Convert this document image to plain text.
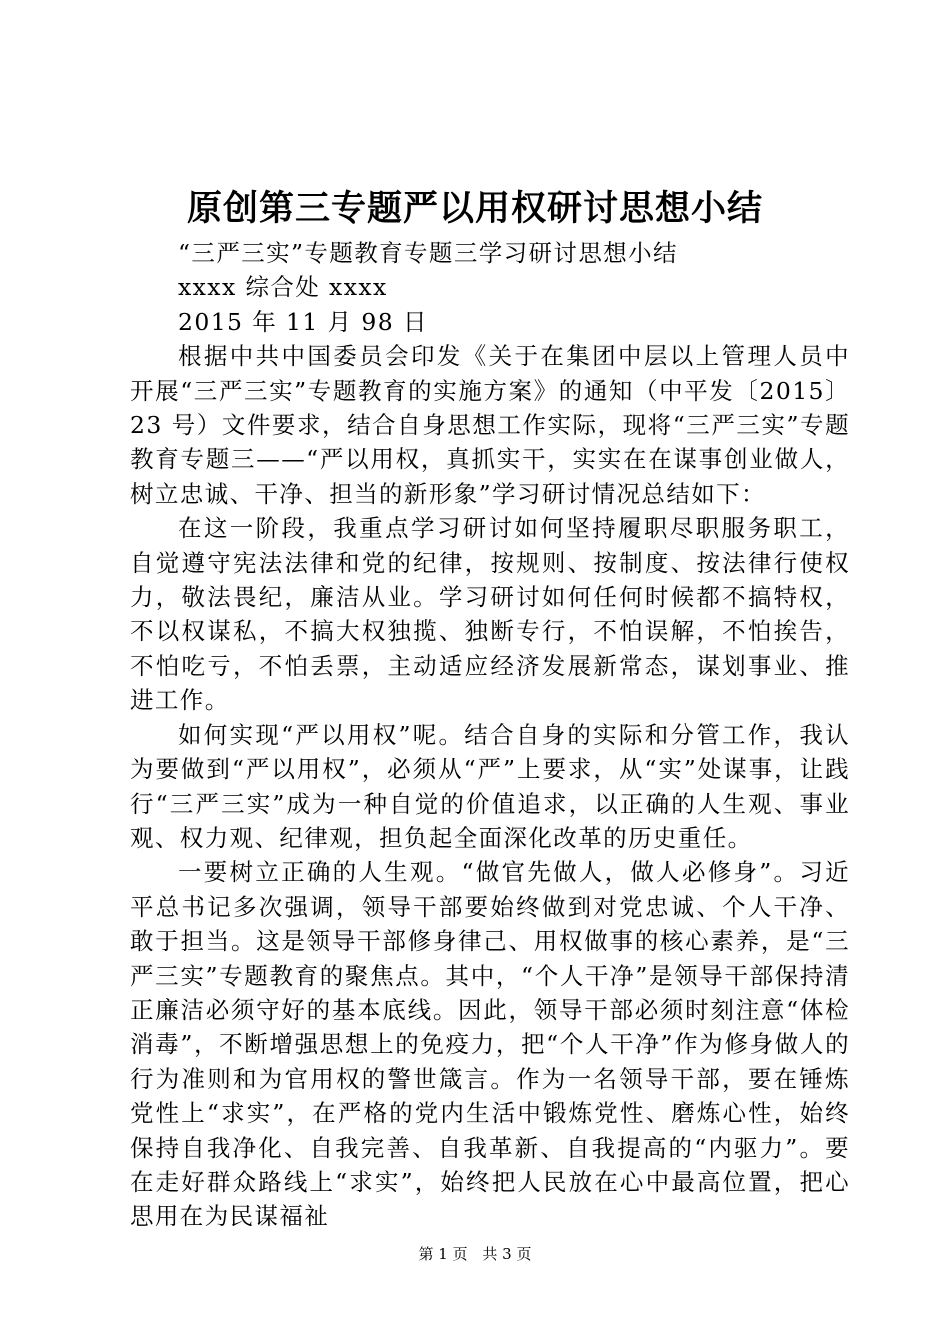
原创第三专题严以用权研讨思想小结

“三严三实”专题教育专题三学习研讨思想小结

xxxx 综合处 xxxx

2015 年 11 月 98 日

根据中共中国委员会印发《关于在集团中层以上管理人员中开展“三严三实”专题教育的实施方案》的通知（中平发〔2015〕23 号）文件要求，结合自身思想工作实际，现将“三严三实”专题教育专题三——“严以用权，真抓实干，实实在在谋事创业做人，树立忠诚、干净、担当的新形象”学习研讨情况总结如下：

在这一阶段，我重点学习研讨如何坚持履职尽职服务职工，自觉遵守宪法法律和党的纪律，按规则、按制度、按法律行使权力，敬法畏纪，廉洁从业。学习研讨如何任何时候都不搞特权，不以权谋私，不搞大权独揽、独断专行，不怕误解，不怕挨告，不怕吃亏，不怕丢票，主动适应经济发展新常态，谋划事业、推进工作。

如何实现“严以用权”呢。结合自身的实际和分管工作，我认为要做到“严以用权”，必须从“严”上要求，从“实”处谋事，让践行“三严三实”成为一种自觉的价值追求，以正确的人生观、事业观、权力观、纪律观，担负起全面深化改革的历史重任。

一要树立正确的人生观。“做官先做人，做人必修身”。习近平总书记多次强调，领导干部要始终做到对党忠诚、个人干净、敢于担当。这是领导干部修身律己、用权做事的核心素养，是“三严三实”专题教育的聚焦点。其中，“个人干净”是领导干部保持清正廉洁必须守好的基本底线。因此，领导干部必须时刻注意“体检消毒”，不断增强思想上的免疫力，把“个人干净”作为修身做人的行为准则和为官用权的警世箴言。作为一名领导干部，要在锤炼党性上“求实”，在严格的党内生活中锻炼党性、磨炼心性，始终保持自我净化、自我完善、自我革新、自我提高的“内驱力”。要在走好群众路线上“求实”，始终把人民放在心中最高位置，把心思用在为民谋福祉

第 1 页 共 3 页
